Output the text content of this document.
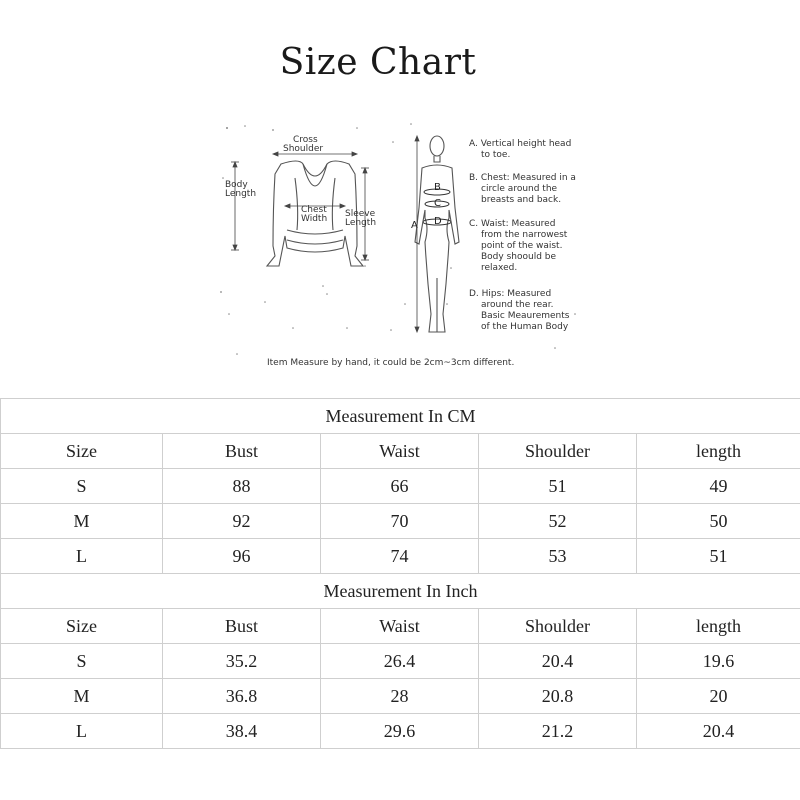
Size Chart
Cross
Shoulder
Body
Length
Chest
Width Sleeve
Length
B
C
D
A
A. Vertical height head
to toe.
B. Chest: Measured in a
circle around the
breasts and back.
C. Waist: Measured
from the narrowest
point of the waist.
Body shoould be
relaxed.
D. Hips: Measured
around the rear.
Basic Meaurements
of the Human Body
Item Measure by hand, it could be 2cm~3cm different.
Measurement In CM				
Size	Bust	Waist	Shoulder	length
S	88	66	51	49
M	92	70	52	50
L	96	74	53	51
Measurement In Inch				
Size	Bust	Waist	Shoulder	length
S	35.2	26.4	20.4	19.6
M	36.8	28	20.8	20
L	38.4	29.6	21.2	20.4
